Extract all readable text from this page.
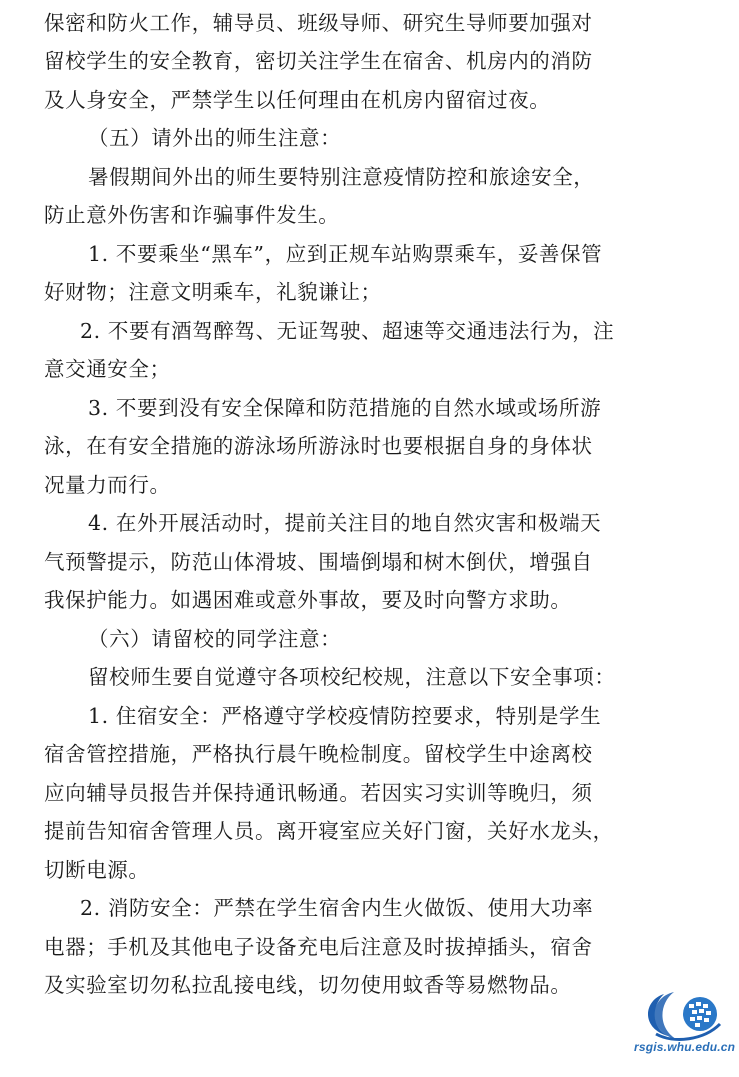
保密和防火工作，辅导员、班级导师、研究生导师要加强对
留校学生的安全教育，密切关注学生在宿舍、机房内的消防
及人身安全，严禁学生以任何理由在机房内留宿过夜。
（五）请外出的师生注意：
暑假期间外出的师生要特别注意疫情防控和旅途安全，
防止意外伤害和诈骗事件发生。
1. 不要乘坐“黑车”，应到正规车站购票乘车，妥善保管
好财物；注意文明乘车，礼貌谦让；
2. 不要有酒驾醉驾、无证驾驶、超速等交通违法行为，注
意交通安全；
3. 不要到没有安全保障和防范措施的自然水域或场所游
泳，在有安全措施的游泳场所游泳时也要根据自身的身体状
况量力而行。
4. 在外开展活动时，提前关注目的地自然灾害和极端天
气预警提示，防范山体滑坡、围墙倒塌和树木倒伏，增强自
我保护能力。如遇困难或意外事故，要及时向警方求助。
（六）请留校的同学注意：
留校师生要自觉遵守各项校纪校规，注意以下安全事项：
1. 住宿安全：严格遵守学校疫情防控要求，特别是学生
宿舍管控措施，严格执行晨午晚检制度。留校学生中途离校
应向辅导员报告并保持通讯畅通。若因实习实训等晚归，须
提前告知宿舍管理人员。离开寝室应关好门窗，关好水龙头，
切断电源。
2. 消防安全：严禁在学生宿舍内生火做饭、使用大功率
电器；手机及其他电子设备充电后注意及时拔掉插头，宿舍
及实验室切勿私拉乱接电线，切勿使用蚊香等易燃物品。
rsgis.whu.edu.cn
